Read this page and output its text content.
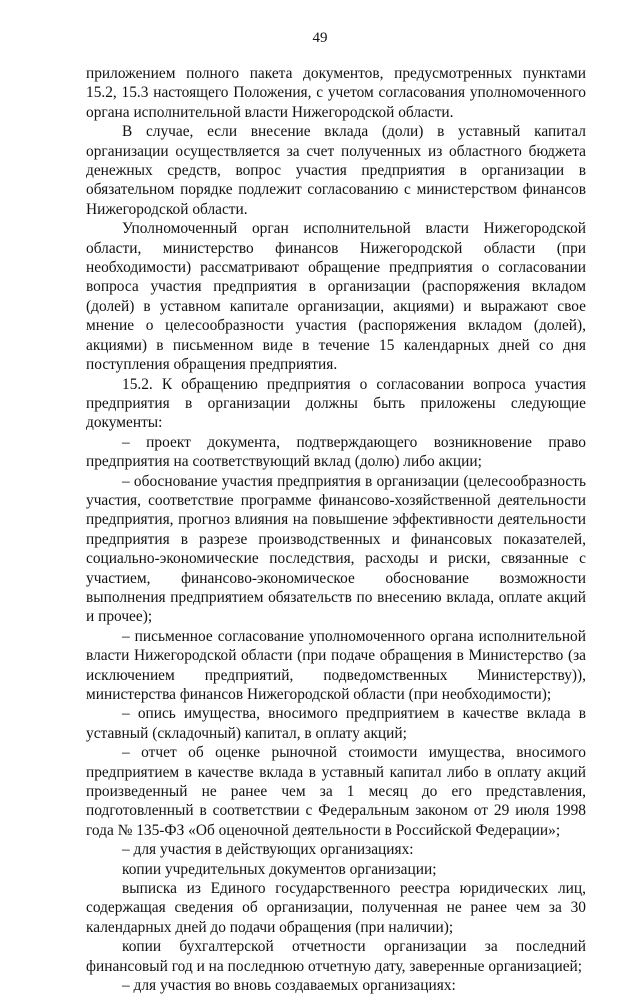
49

приложением полного пакета документов, предусмотренных пунктами 15.2, 15.3 настоящего Положения, с учетом согласования уполномоченного органа исполнительной власти Нижегородской области.

В случае, если внесение вклада (доли) в уставный капитал организации осуществляется за счет полученных из областного бюджета денежных средств, вопрос участия предприятия в организации в обязательном порядке подлежит согласованию с министерством финансов Нижегородской области.

Уполномоченный орган исполнительной власти Нижегородской области, министерство финансов Нижегородской области (при необходимости) рассматривают обращение предприятия о согласовании вопроса участия предприятия в организации (распоряжения вкладом (долей) в уставном капитале организации, акциями) и выражают свое мнение о целесообразности участия (распоряжения вкладом (долей), акциями) в письменном виде в течение 15 календарных дней со дня поступления обращения предприятия.

15.2. К обращению предприятия о согласовании вопроса участия предприятия в организации должны быть приложены следующие документы:

– проект документа, подтверждающего возникновение право предприятия на соответствующий вклад (долю) либо акции;

– обоснование участия предприятия в организации (целесообразность участия, соответствие программе финансово-хозяйственной деятельности предприятия, прогноз влияния на повышение эффективности деятельности предприятия в разрезе производственных и финансовых показателей, социально-экономические последствия, расходы и риски, связанные с участием, финансово-экономическое обоснование возможности выполнения предприятием обязательств по внесению вклада, оплате акций и прочее);

– письменное согласование уполномоченного органа исполнительной власти Нижегородской области (при подаче обращения в Министерство (за исключением предприятий, подведомственных Министерству)), министерства финансов Нижегородской области (при необходимости);

– опись имущества, вносимого предприятием в качестве вклада в уставный (складочный) капитал, в оплату акций;

– отчет об оценке рыночной стоимости имущества, вносимого предприятием в качестве вклада в уставный капитал либо в оплату акций произведенный не ранее чем за 1 месяц до его представления, подготовленный в соответствии с Федеральным законом от 29 июля 1998 года № 135-ФЗ «Об оценочной деятельности в Российской Федерации»;

– для участия в действующих организациях:

копии учредительных документов организации;

выписка из Единого государственного реестра юридических лиц, содержащая сведения об организации, полученная не ранее чем за 30 календарных дней до подачи обращения (при наличии);

копии бухгалтерской отчетности организации за последний финансовый год и на последнюю отчетную дату, заверенные организацией;

– для участия во вновь создаваемых организациях:
